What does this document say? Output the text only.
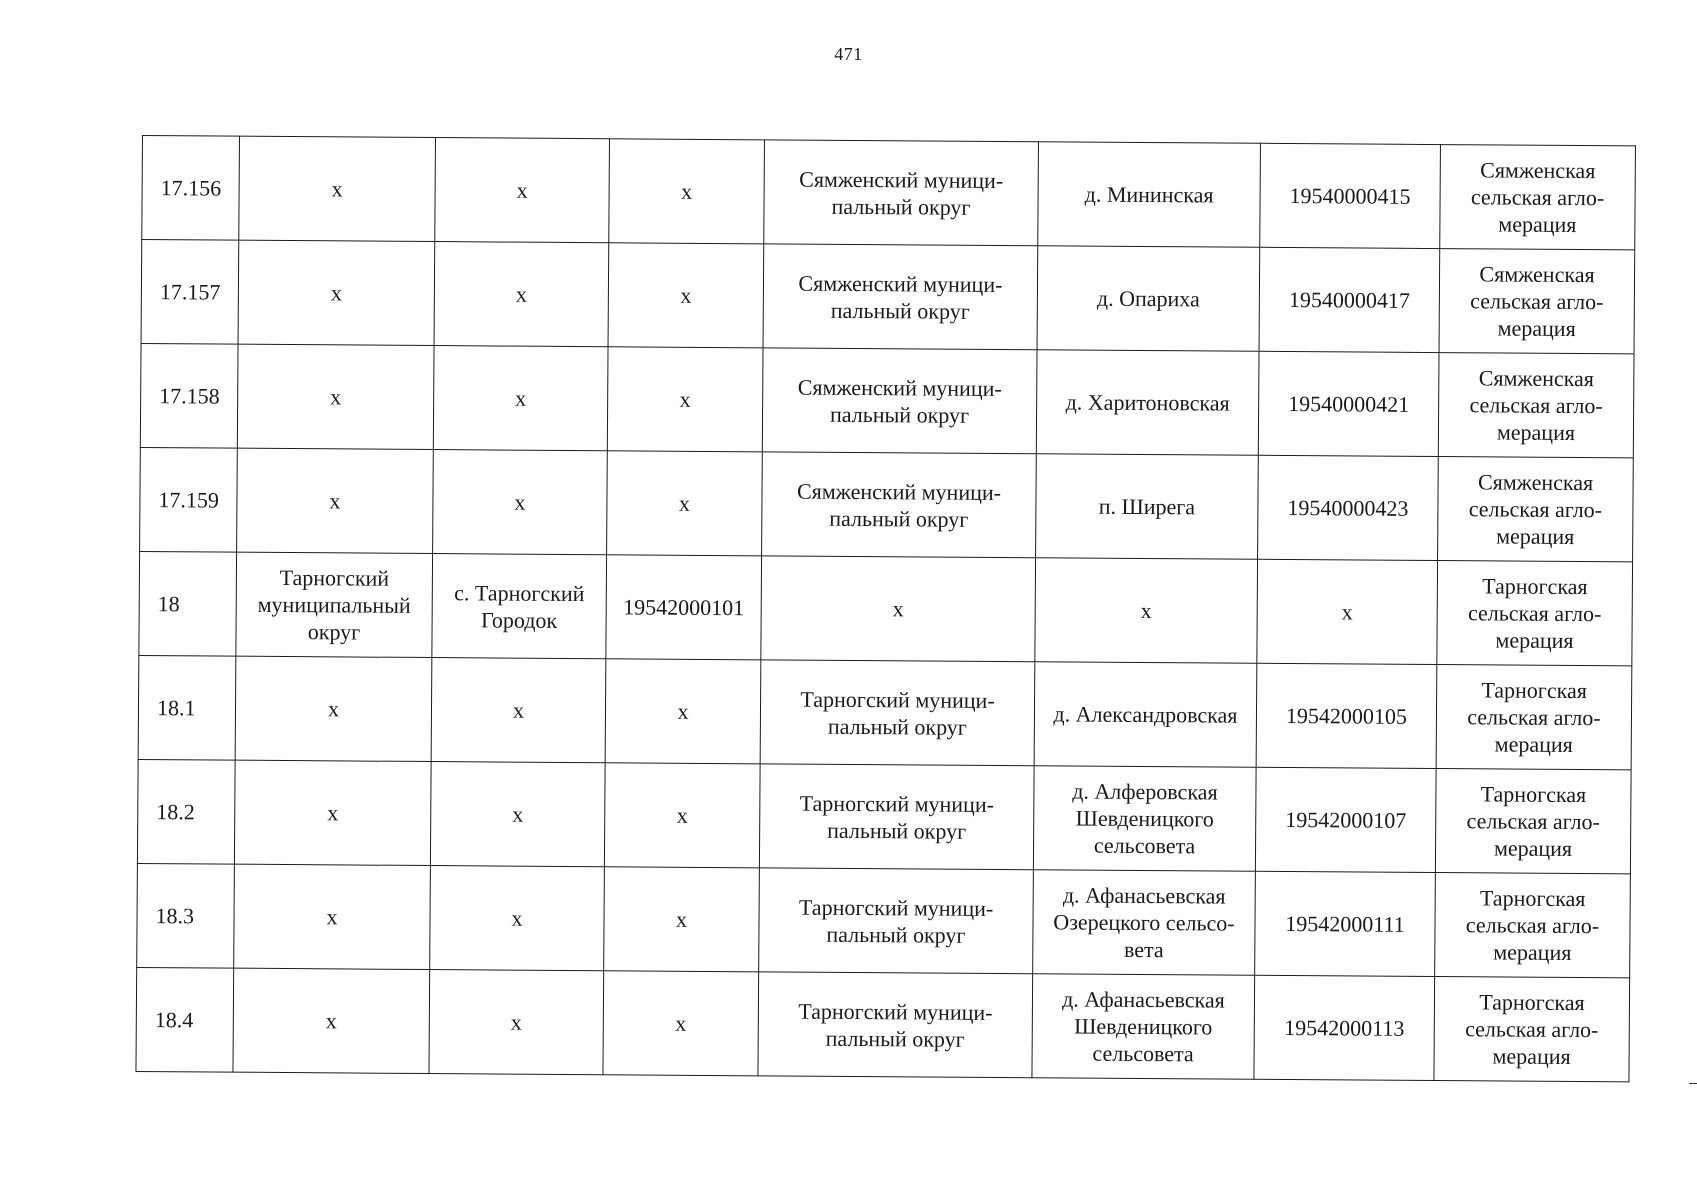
471
17.156	x	x	x	Сямженский муници-пальный округ	д. Мининская	19540000415	Сямженская сельская агло-мерация
17.157	x	x	x	Сямженский муници-пальный округ	д. Опариха	19540000417	Сямженская сельская агло-мерация
17.158	x	x	x	Сямженский муници-пальный округ	д. Харитоновская	19540000421	Сямженская сельская агло-мерация
17.159	x	x	x	Сямженский муници-пальный округ	п. Ширега	19540000423	Сямженская сельская агло-мерация
18	Тарногский муниципальный округ	с. Тарногский Городок	19542000101	x	x	x	Тарногская сельская агло-мерация
18.1	x	x	x	Тарногский муници-пальный округ	д. Александровская	19542000105	Тарногская сельская агло-мерация
18.2	x	x	x	Тарногский муници-пальный округ	д. Алферовская Шевденицкого сельсовета	19542000107	Тарногская сельская агло-мерация
18.3	x	x	x	Тарногский муници-пальный округ	д. Афанасьевская Озерецкого сельсо-вета	19542000111	Тарногская сельская агло-мерация
18.4	x	x	x	Тарногский муници-пальный округ	д. Афанасьевская Шевденицкого сельсовета	19542000113	Тарногская сельская агло-мерация
